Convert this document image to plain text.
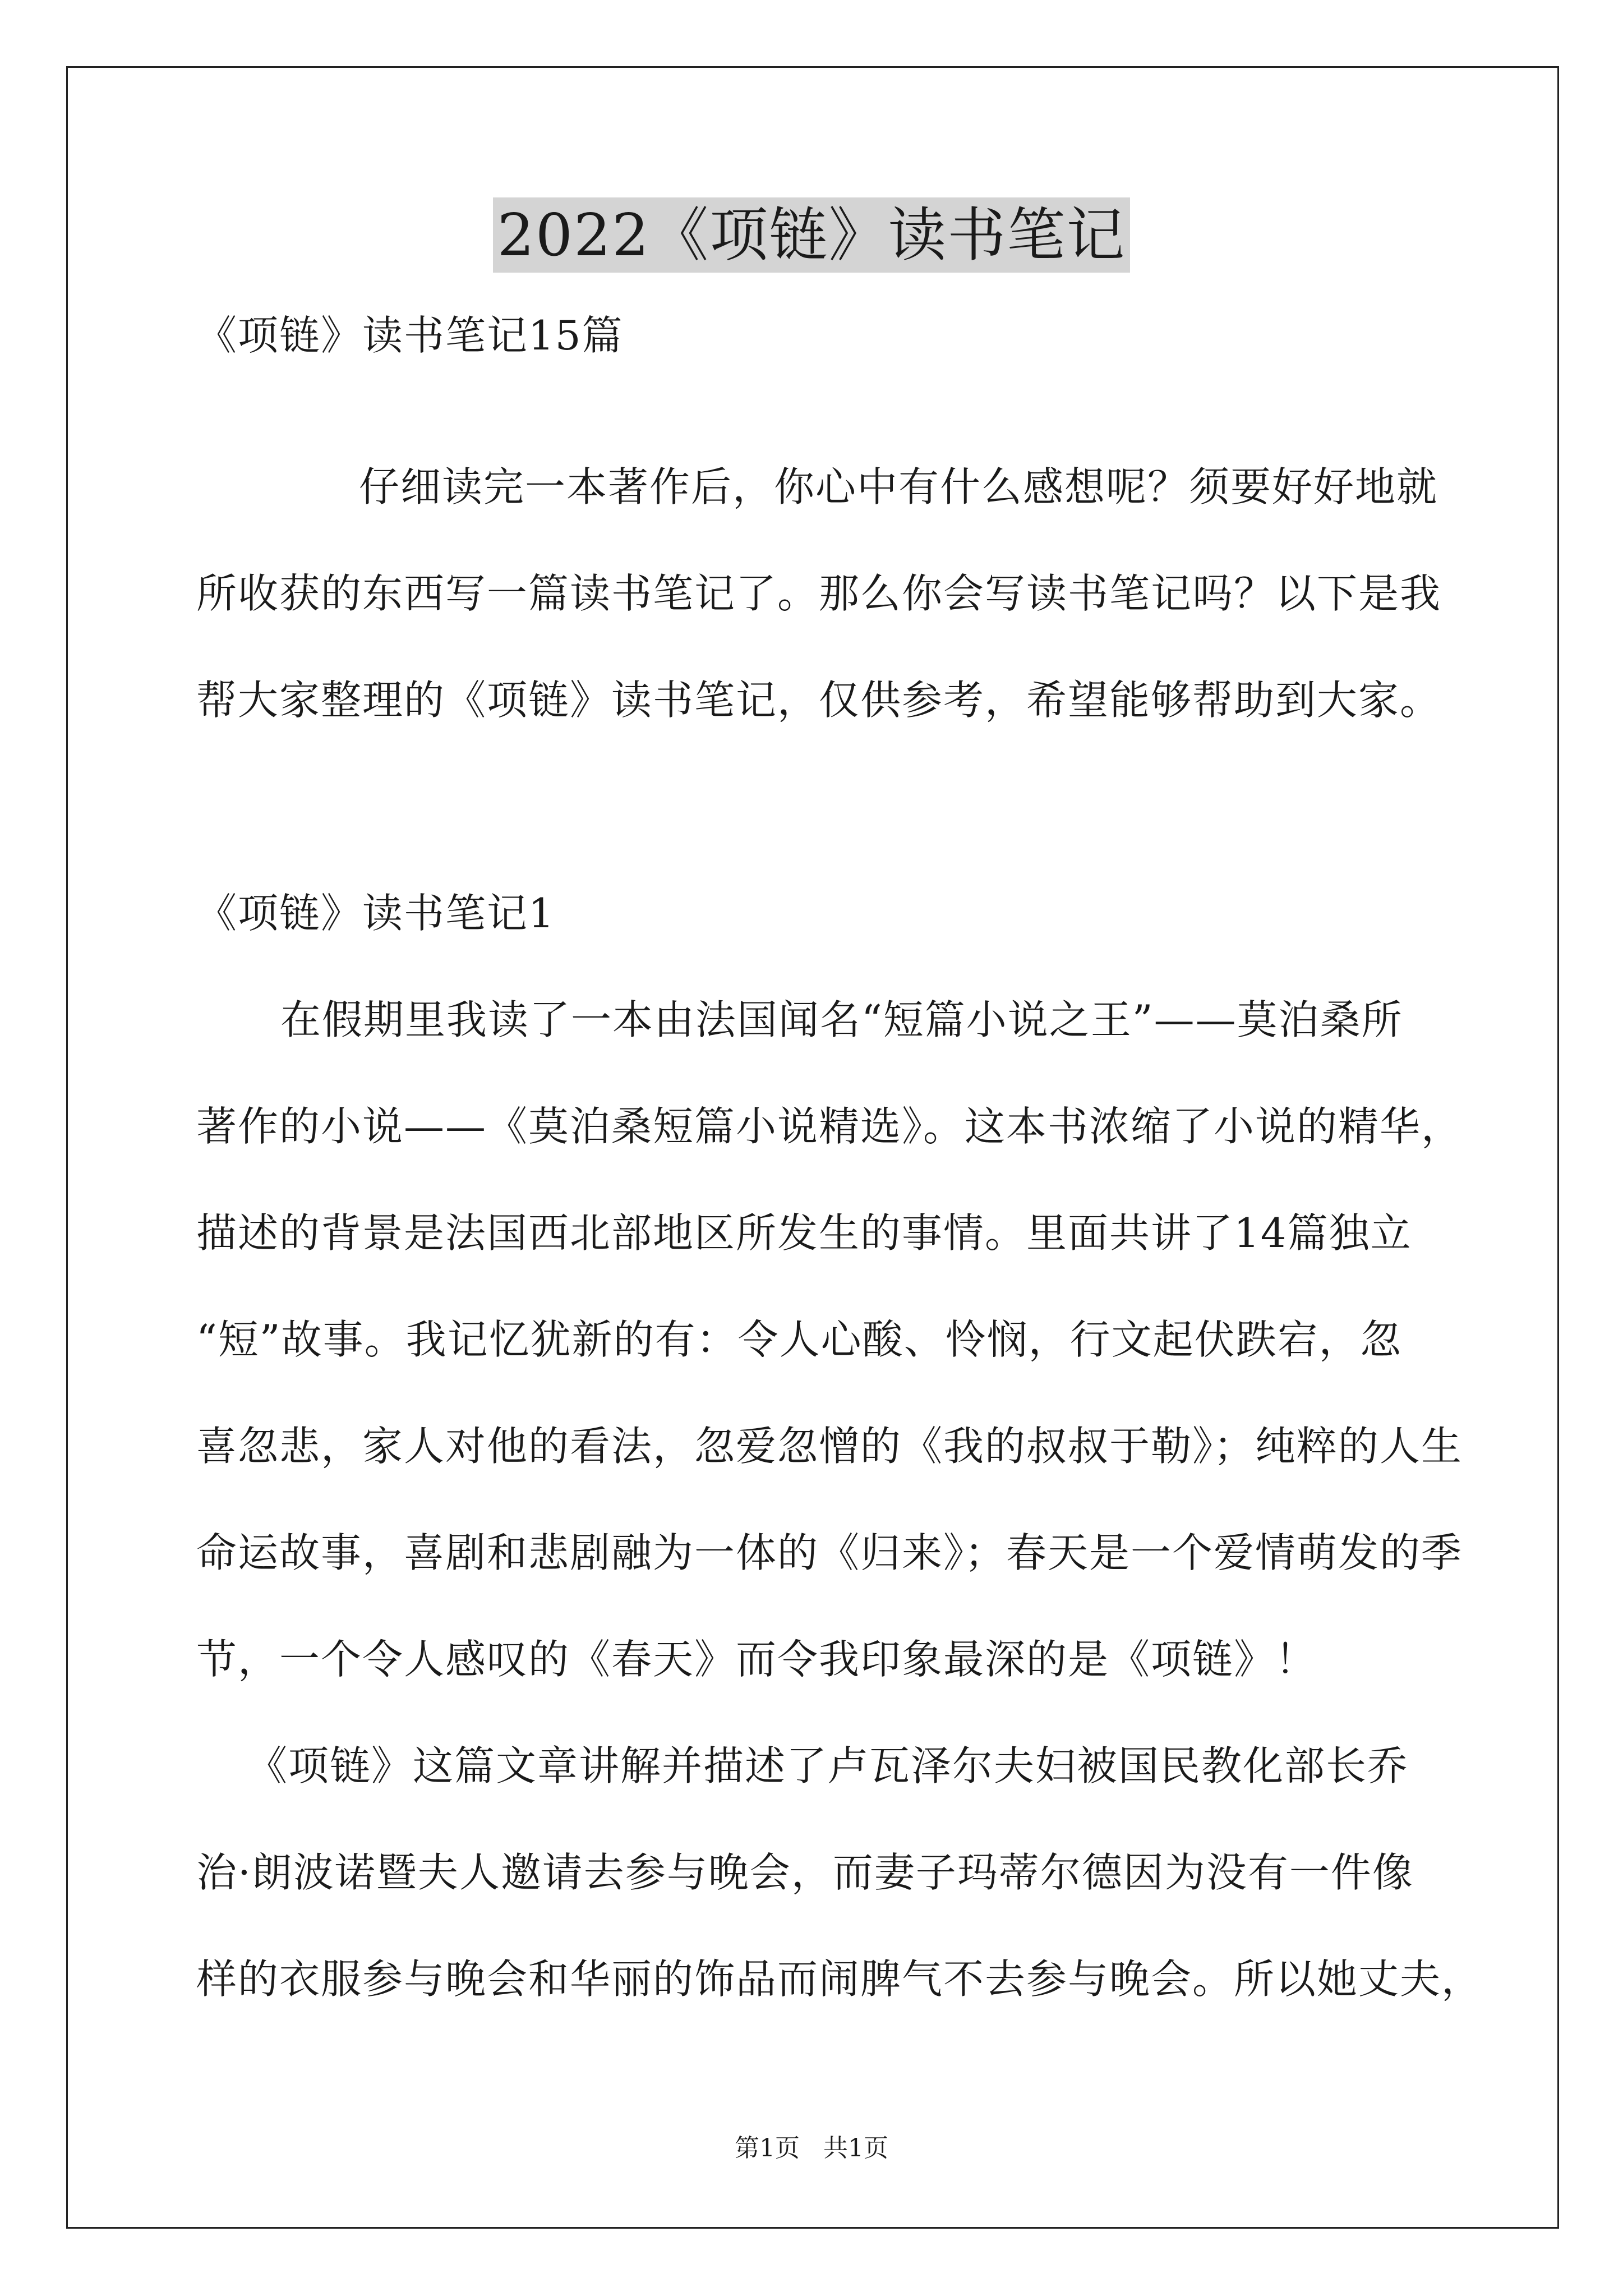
2022《项链》读书笔记
《项链》读书笔记15篇
仔细读完一本著作后，你心中有什么感想呢？须要好好地就
所收获的东西写一篇读书笔记了。那么你会写读书笔记吗？以下是我
帮大家整理的《项链》读书笔记，仅供参考，希望能够帮助到大家。
《项链》读书笔记1
在假期里我读了一本由法国闻名“短篇小说之王”——莫泊桑所
著作的小说——《莫泊桑短篇小说精选》。这本书浓缩了小说的精华，
描述的背景是法国西北部地区所发生的事情。里面共讲了14篇独立
“短”故事。我记忆犹新的有：令人心酸、怜悯，行文起伏跌宕，忽
喜忽悲，家人对他的看法，忽爱忽憎的《我的叔叔于勒》；纯粹的人生
命运故事，喜剧和悲剧融为一体的《归来》；春天是一个爱情萌发的季
节，一个令人感叹的《春天》而令我印象最深的是《项链》！
《项链》这篇文章讲解并描述了卢瓦泽尔夫妇被国民教化部长乔
治·朗波诺暨夫人邀请去参与晚会，而妻子玛蒂尔德因为没有一件像
样的衣服参与晚会和华丽的饰品而闹脾气不去参与晚会。所以她丈夫，
第1页   共1页
